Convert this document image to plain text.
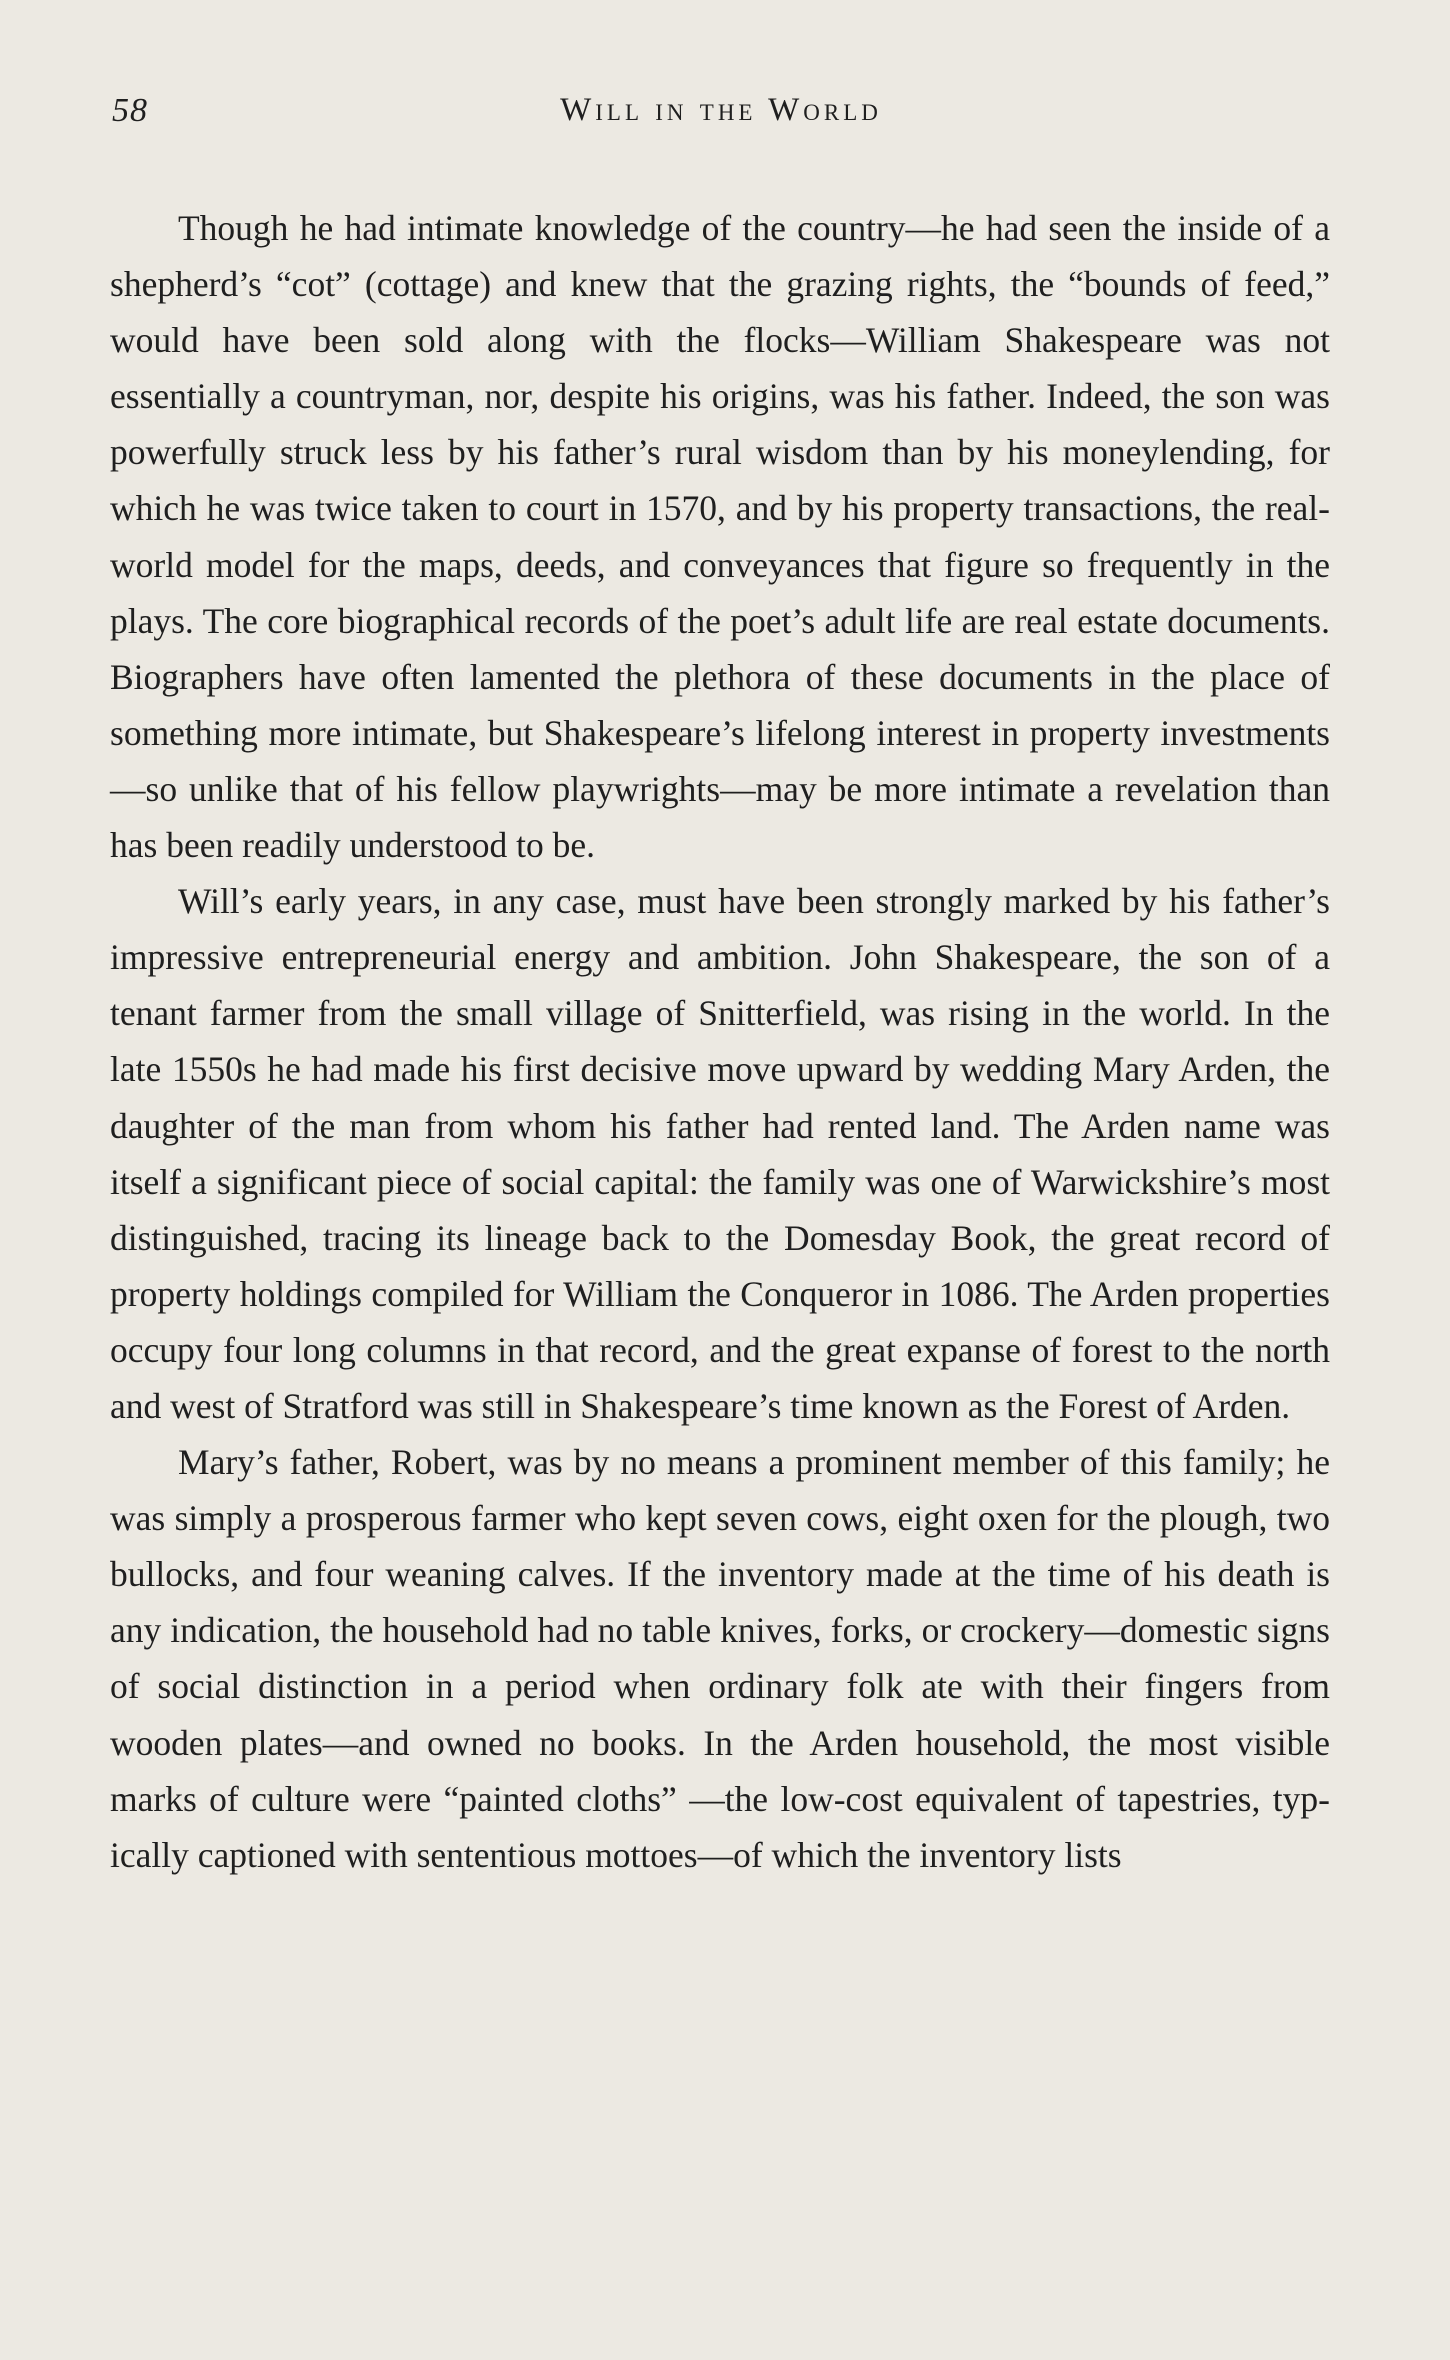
58	Will in the World

Though he had intimate knowledge of the country—he had seen the inside of a shepherd’s “cot” (cottage) and knew that the grazing rights, the “bounds of feed,” would have been sold along with the flocks—William Shakespeare was not essentially a countryman, nor, despite his origins, was his father. Indeed, the son was powerfully struck less by his father’s rural wisdom than by his moneylending, for which he was twice taken to court in 1570, and by his property transactions, the real-world model for the maps, deeds, and conveyances that figure so frequently in the plays. The core biographical records of the poet’s adult life are real estate documents. Biographers have often lamented the plethora of these documents in the place of something more intimate, but Shakespeare’s lifelong interest in property investments—so unlike that of his fellow playwrights—may be more intimate a revelation than has been readily understood to be.

Will’s early years, in any case, must have been strongly marked by his father’s impressive entrepreneurial energy and ambition. John Shakespeare, the son of a tenant farmer from the small village of Snitterfield, was rising in the world. In the late 1550s he had made his first decisive move upward by wedding Mary Arden, the daughter of the man from whom his father had rented land. The Arden name was itself a significant piece of social capital: the family was one of Warwickshire’s most distinguished, tracing its lineage back to the Domesday Book, the great record of property holdings compiled for William the Conqueror in 1086. The Arden properties occupy four long columns in that record, and the great expanse of forest to the north and west of Stratford was still in Shakespeare’s time known as the Forest of Arden.

Mary’s father, Robert, was by no means a prominent member of this family; he was simply a prosperous farmer who kept seven cows, eight oxen for the plough, two bullocks, and four weaning calves. If the inventory made at the time of his death is any indication, the household had no table knives, forks, or crockery—domestic signs of social distinction in a period when ordinary folk ate with their fingers from wooden plates—and owned no books. In the Arden household, the most visible marks of culture were “painted cloths” —the low-cost equivalent of tapestries, typically captioned with sententious mottoes—of which the inventory lists
